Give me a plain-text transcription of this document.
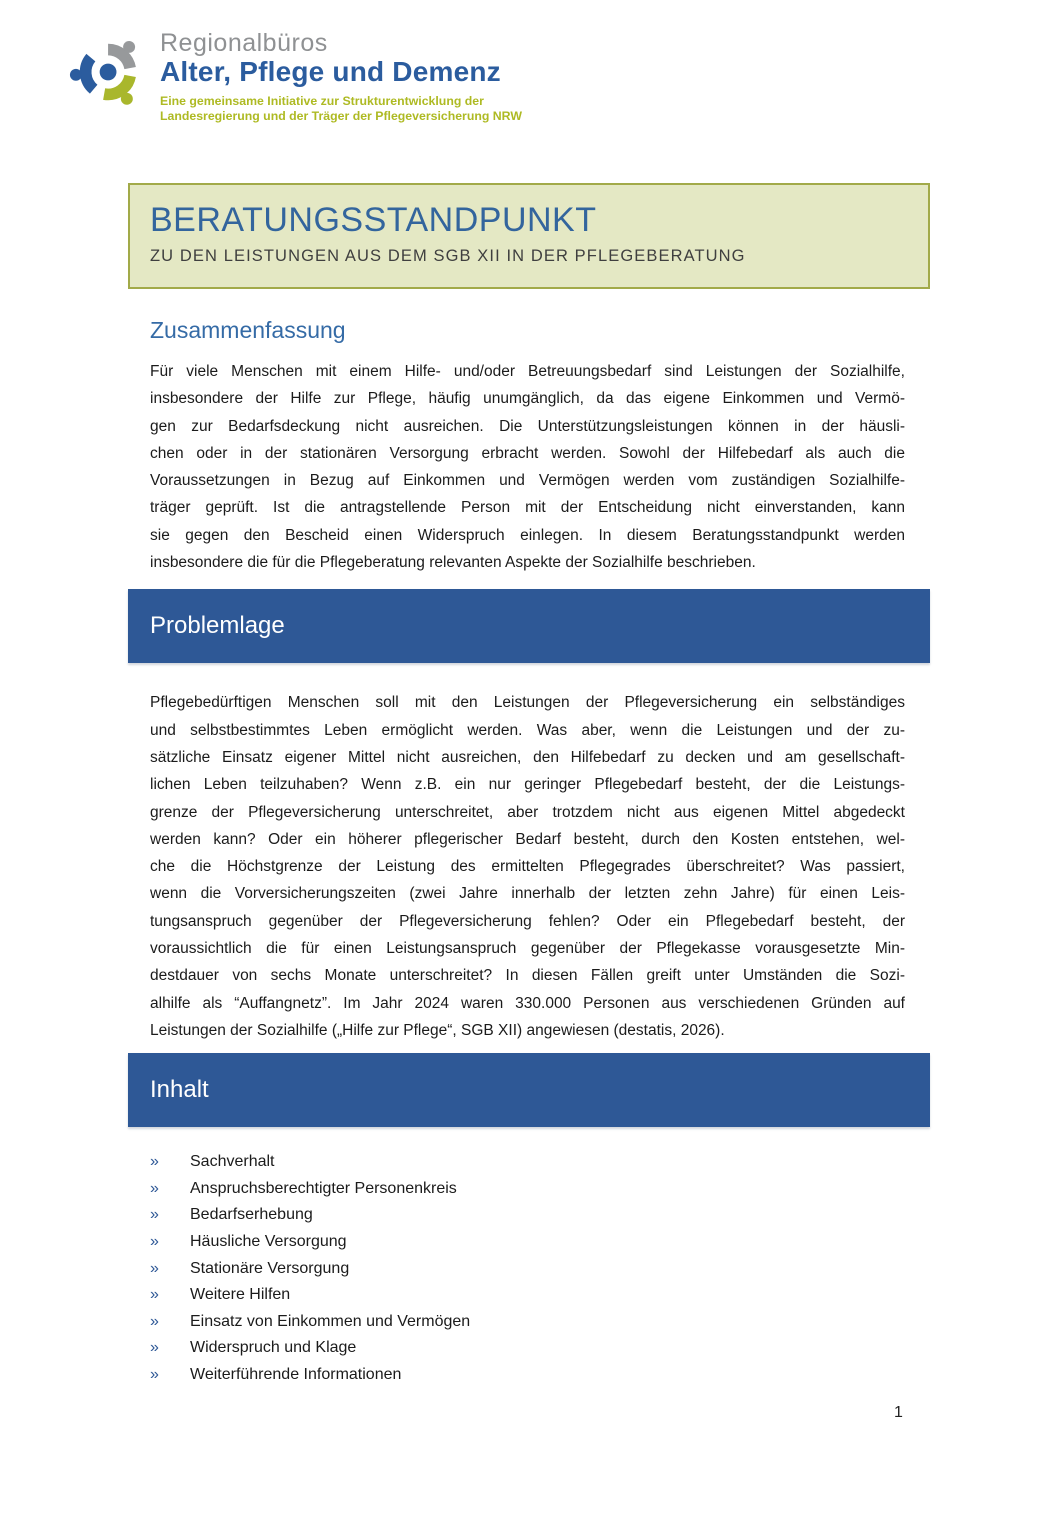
Regionalbüros
Alter, Pflege und Demenz
Eine gemeinsame Initiative zur Strukturentwicklung der
Landesregierung und der Träger der Pflegeversicherung NRW
BERATUNGSSTANDPUNKT
ZU DEN LEISTUNGEN AUS DEM SGB XII IN DER PFLEGEBERATUNG
Zusammenfassung
Für viele Menschen mit einem Hilfe- und/oder Betreuungsbedarf sind Leistungen der Sozialhilfe,
insbesondere der Hilfe zur Pflege, häufig unumgänglich, da das eigene Einkommen und Vermö-
gen zur Bedarfsdeckung nicht ausreichen. Die Unterstützungsleistungen können in der häusli-
chen oder in der stationären Versorgung erbracht werden. Sowohl der Hilfebedarf als auch die
Voraussetzungen in Bezug auf Einkommen und Vermögen werden vom zuständigen Sozialhilfe-
träger geprüft. Ist die antragstellende Person mit der Entscheidung nicht einverstanden, kann
sie gegen den Bescheid einen Widerspruch einlegen. In diesem Beratungsstandpunkt werden
insbesondere die für die Pflegeberatung relevanten Aspekte der Sozialhilfe beschrieben.
Problemlage
Pflegebedürftigen Menschen soll mit den Leistungen der Pflegeversicherung ein selbständiges
und selbstbestimmtes Leben ermöglicht werden. Was aber, wenn die Leistungen und der zu-
sätzliche Einsatz eigener Mittel nicht ausreichen, den Hilfebedarf zu decken und am gesellschaft-
lichen Leben teilzuhaben? Wenn z.B. ein nur geringer Pflegebedarf besteht, der die Leistungs-
grenze der Pflegeversicherung unterschreitet, aber trotzdem nicht aus eigenen Mittel abgedeckt
werden kann? Oder ein höherer pflegerischer Bedarf besteht, durch den Kosten entstehen, wel-
che die Höchstgrenze der Leistung des ermittelten Pflegegrades überschreitet? Was passiert,
wenn die Vorversicherungszeiten (zwei Jahre innerhalb der letzten zehn Jahre) für einen Leis-
tungsanspruch gegenüber der Pflegeversicherung fehlen? Oder ein Pflegebedarf besteht, der
voraussichtlich die für einen Leistungsanspruch gegenüber der Pflegekasse vorausgesetzte Min-
destdauer von sechs Monate unterschreitet? In diesen Fällen greift unter Umständen die Sozi-
alhilfe als “Auffangnetz”. Im Jahr 2024 waren 330.000 Personen aus verschiedenen Gründen auf
Leistungen der Sozialhilfe („Hilfe zur Pflege“, SGB XII) angewiesen (destatis, 2026).
Inhalt
»	Sachverhalt
»	Anspruchsberechtigter Personenkreis
»	Bedarfserhebung
»	Häusliche Versorgung
»	Stationäre Versorgung
»	Weitere Hilfen
»	Einsatz von Einkommen und Vermögen
»	Widerspruch und Klage
»	Weiterführende Informationen
1
